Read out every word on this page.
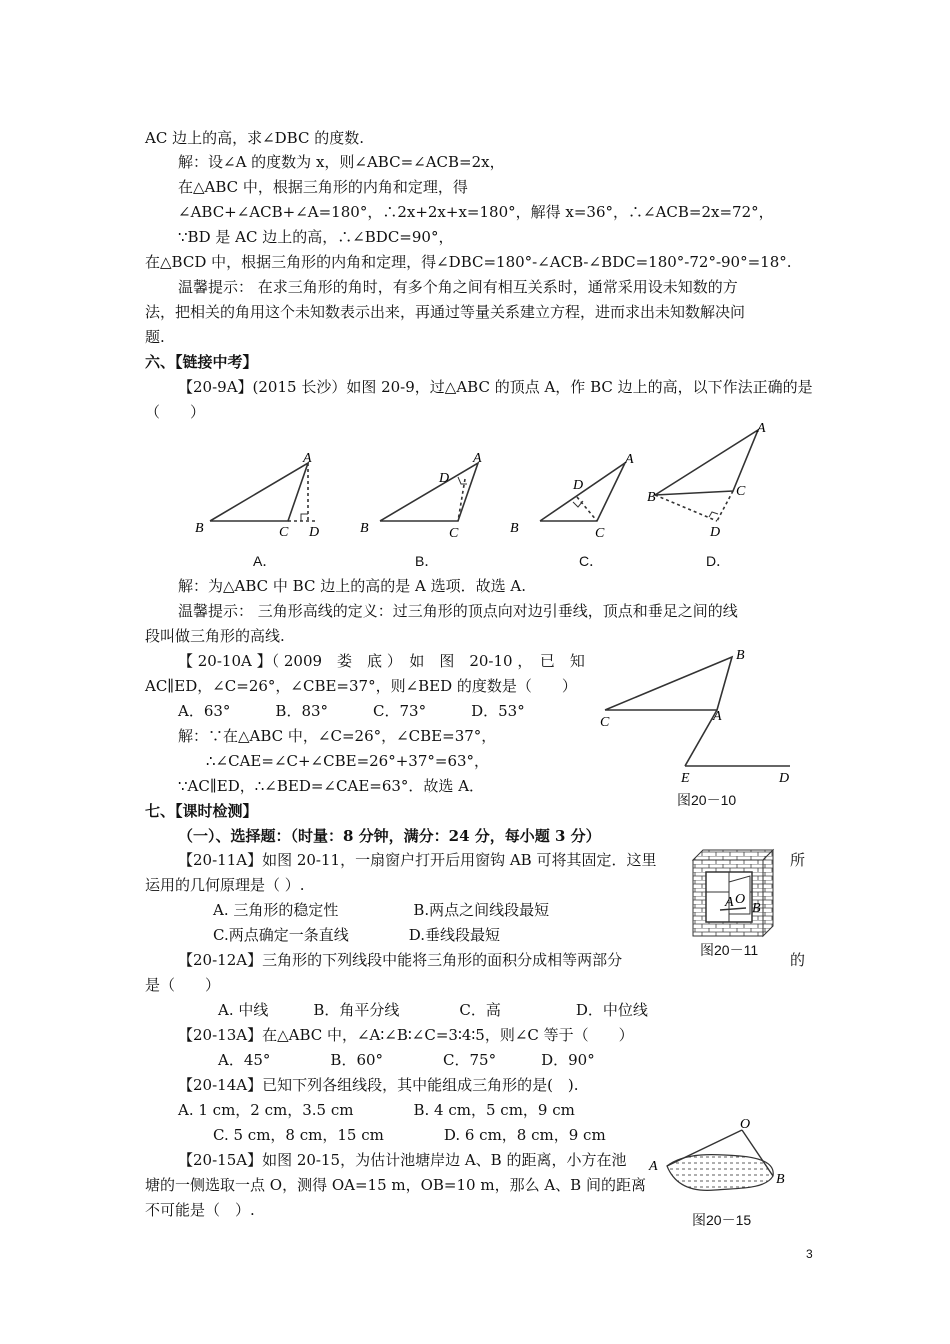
AC 边上的高，求∠DBC 的度数.
解：设∠A 的度数为 x，则∠ABC=∠ACB=2x，
在△ABC 中，根据三角形的内角和定理，得
∠ABC+∠ACB+∠A=180°，∴2x+2x+x=180°，解得 x=36°，∴∠ACB=2x=72°，
∵BD 是 AC 边上的高，∴∠BDC=90°，
在△BCD 中，根据三角形的内角和定理，得∠DBC=180°-∠ACB-∠BDC=180°-72°-90°=18°.
温馨提示： 在求三角形的角时，有多个角之间有相互关系时，通常采用设未知数的方
法，把相关的角用这个未知数表示出来，再通过等量关系建立方程，进而求出未知数解决问
题.
六、【链接中考】
【20-9A】(2015 长沙）如图 20-9，过△ABC 的顶点 A，作 BC 边上的高，以下作法正确的是
（　　）
解：为△ABC 中 BC 边上的高的是 A 选项．故选 A.
温馨提示： 三角形高线的定义：过三角形的顶点向对边引垂线，顶点和垂足之间的线
段叫做三角形的高线.
【 20-10A 】（ 2009　娄　底 ）　如　图　20-10 ，　已　知
AC∥ED，∠C=26°，∠CBE=37°，则∠BED 的度数是（　　）
A．63°　　　B．83°　　　C．73°　　　D．53°
解：∵在△ABC 中，∠C=26°，∠CBE=37°，
∴∠CAE=∠C+∠CBE=26°+37°=63°，
∵AC∥ED，∴∠BED=∠CAE=63°．故选 A．
七、【课时检测】
（一）、选择题：（时量：8 分钟，满分：24 分，每小题 3 分）
【20-11A】如图 20-11，一扇窗户打开后用窗钩 AB 可将其固定．这里
运用的几何原理是（ ）.
A. 三角形的稳定性　　　　　B.两点之间线段最短
C.两点确定一条直线　　　　D.垂线段最短
【20-12A】三角形的下列线段中能将三角形的面积分成相等两部分
是（　　）
A. 中线　　　B．角平分线　　　　C．高　　　　　D．中位线
【20-13A】在△ABC 中，∠A∶∠B∶∠C=3∶4∶5，则∠C 等于（　　）
A．45°　　　　B．60°　　　　C．75°　　　D．90°
【20-14A】已知下列各组线段，其中能组成三角形的是(　).
A. 1 cm，2 cm，3.5 cm　　　　B. 4 cm，5 cm，9 cm
C. 5 cm，8 cm，15 cm　　　　D. 6 cm，8 cm，9 cm
【20-15A】如图 20-15，为估计池塘岸边 A、B 的距离，小方在池
塘的一侧选取一点 O，测得 OA=15 m，OB=10 m，那么 A、B 间的距离
不可能是（　）.
所
的
A
B	C D
A
B	C
D
A
B	C
D
A
B	C
D
A．	B．	C．	D．
B
C	A
E	D
图20－10
A O
B
图20－11
O
A
B
图20－15
3
